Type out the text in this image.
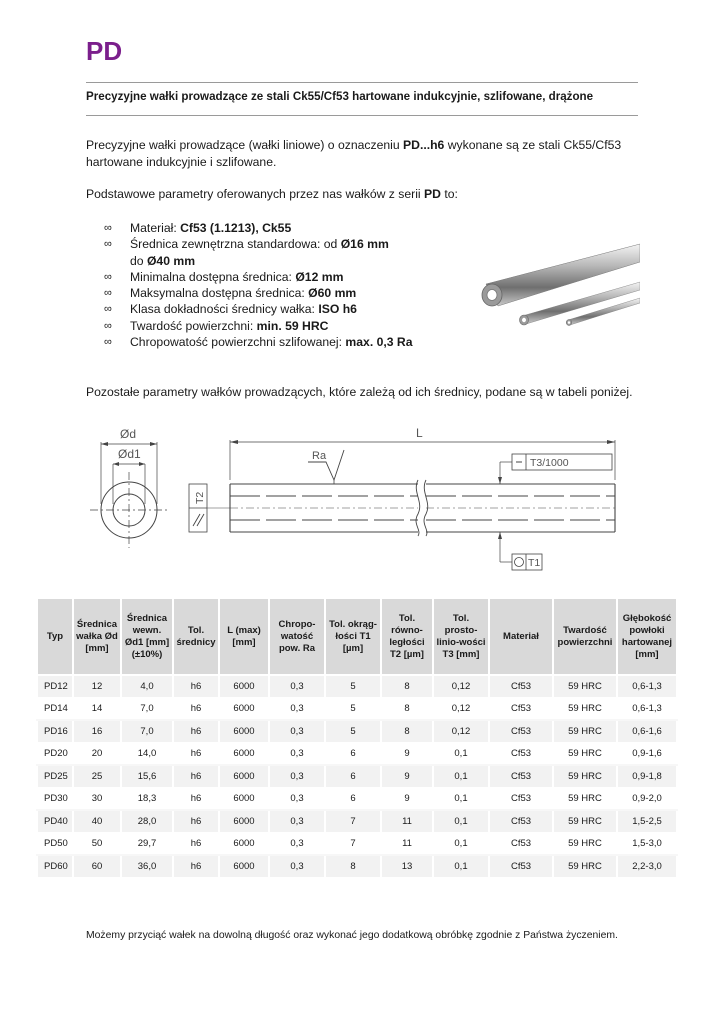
PD
Precyzyjne wałki prowadzące ze stali Ck55/Cf53 hartowane indukcyjnie, szlifowane, drążone
Precyzyjne wałki prowadzące (wałki liniowe) o oznaczeniu PD...h6 wykonane są ze stali Ck55/Cf53 hartowane indukcyjnie i szlifowane.
Podstawowe parametry oferowanych przez nas wałków z serii PD to:
∞ Materiał: Cf53 (1.1213), Ck55
∞ Średnica zewnętrzna standardowa: od Ø16 mm
do Ø40 mm
∞ Minimalna dostępna średnica: Ø12 mm
∞ Maksymalna dostępna średnica: Ø60 mm
∞ Klasa dokładności średnicy wałka: ISO h6
∞ Twardość powierzchni: min. 59 HRC
∞ Chropowatość powierzchni szlifowanej: max. 0,3 Ra
Pozostałe parametry wałków prowadzących, które zależą od ich średnicy, podane są w tabeli poniżej.
Ød
Ød1
L
Ra
T3/1000
T2
T1
Typ	Średnica wałka Ød [mm]	Średnica wewn. Ød1 [mm] (±10%)	Tol. średnicy	L (max) [mm]	Chropo-watość pow. Ra	Tol. okrąg-łości T1 [µm]	Tol. równo-ległości T2 [µm]	Tol. prosto-linio-wości T3 [mm]	Materiał	Twardość powierzchni	Głębokość powłoki hartowanej [mm]
PD12	12	4,0	h6	6000	0,3	5	8	0,12	Cf53	59 HRC	0,6-1,3
PD14	14	7,0	h6	6000	0,3	5	8	0,12	Cf53	59 HRC	0,6-1,3
PD16	16	7,0	h6	6000	0,3	5	8	0,12	Cf53	59 HRC	0,6-1,6
PD20	20	14,0	h6	6000	0,3	6	9	0,1	Cf53	59 HRC	0,9-1,6
PD25	25	15,6	h6	6000	0,3	6	9	0,1	Cf53	59 HRC	0,9-1,8
PD30	30	18,3	h6	6000	0,3	6	9	0,1	Cf53	59 HRC	0,9-2,0
PD40	40	28,0	h6	6000	0,3	7	11	0,1	Cf53	59 HRC	1,5-2,5
PD50	50	29,7	h6	6000	0,3	7	11	0,1	Cf53	59 HRC	1,5-3,0
PD60	60	36,0	h6	6000	0,3	8	13	0,1	Cf53	59 HRC	2,2-3,0
Możemy przyciąć wałek na dowolną długość oraz wykonać jego dodatkową obróbkę zgodnie z Państwa życzeniem.
